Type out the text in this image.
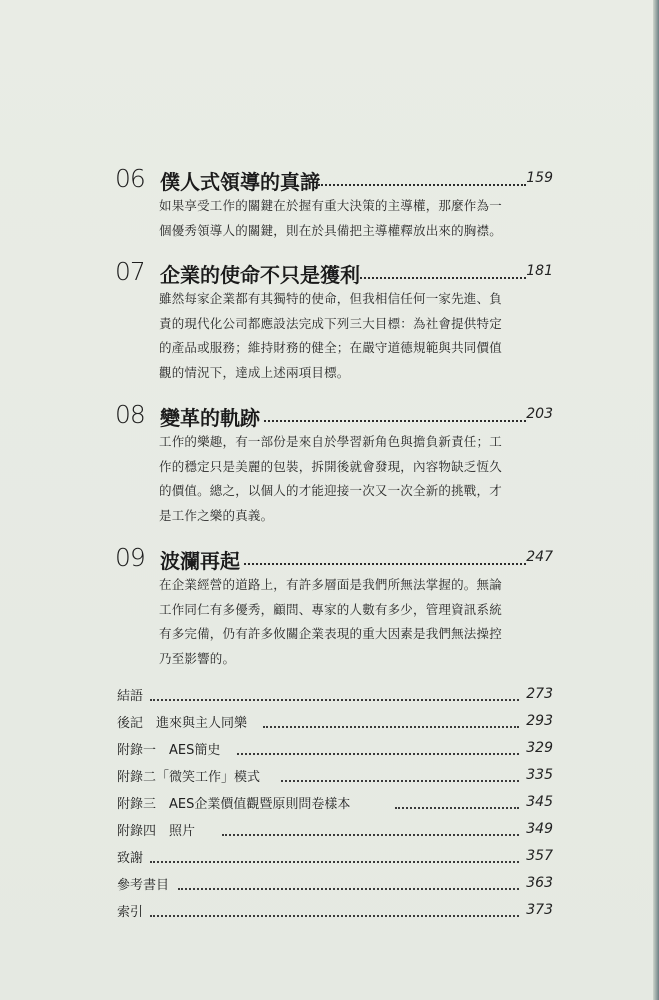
06 僕人式領導的真諦	159
如果享受工作的關鍵在於握有重大決策的主導權，那麼作為一
個優秀領導人的關鍵，則在於具備把主導權釋放出來的胸襟。
07 企業的使命不只是獲利	181
雖然每家企業都有其獨特的使命，但我相信任何一家先進、負
責的現代化公司都應設法完成下列三大目標：為社會提供特定
的產品或服務；維持財務的健全；在嚴守道德規範與共同價值
觀的情況下，達成上述兩項目標。
08 變革的軌跡	203
工作的樂趣，有一部份是來自於學習新角色與擔負新責任；工
作的穩定只是美麗的包裝，拆開後就會發現，內容物缺乏恆久
的價值。總之，以個人的才能迎接一次又一次全新的挑戰，才
是工作之樂的真義。
09 波瀾再起	247
在企業經營的道路上，有許多層面是我們所無法掌握的。無論
工作同仁有多優秀，顧問、專家的人數有多少，管理資訊系統
有多完備，仍有許多攸關企業表現的重大因素是我們無法操控
乃至影響的。
結語	273
後記　進來與主人同樂	293
附錄一　AES簡史	329
附錄二「微笑工作」模式	335
附錄三　AES企業價值觀暨原則問卷樣本	345
附錄四　照片	349
致謝	357
參考書目	363
索引	373
